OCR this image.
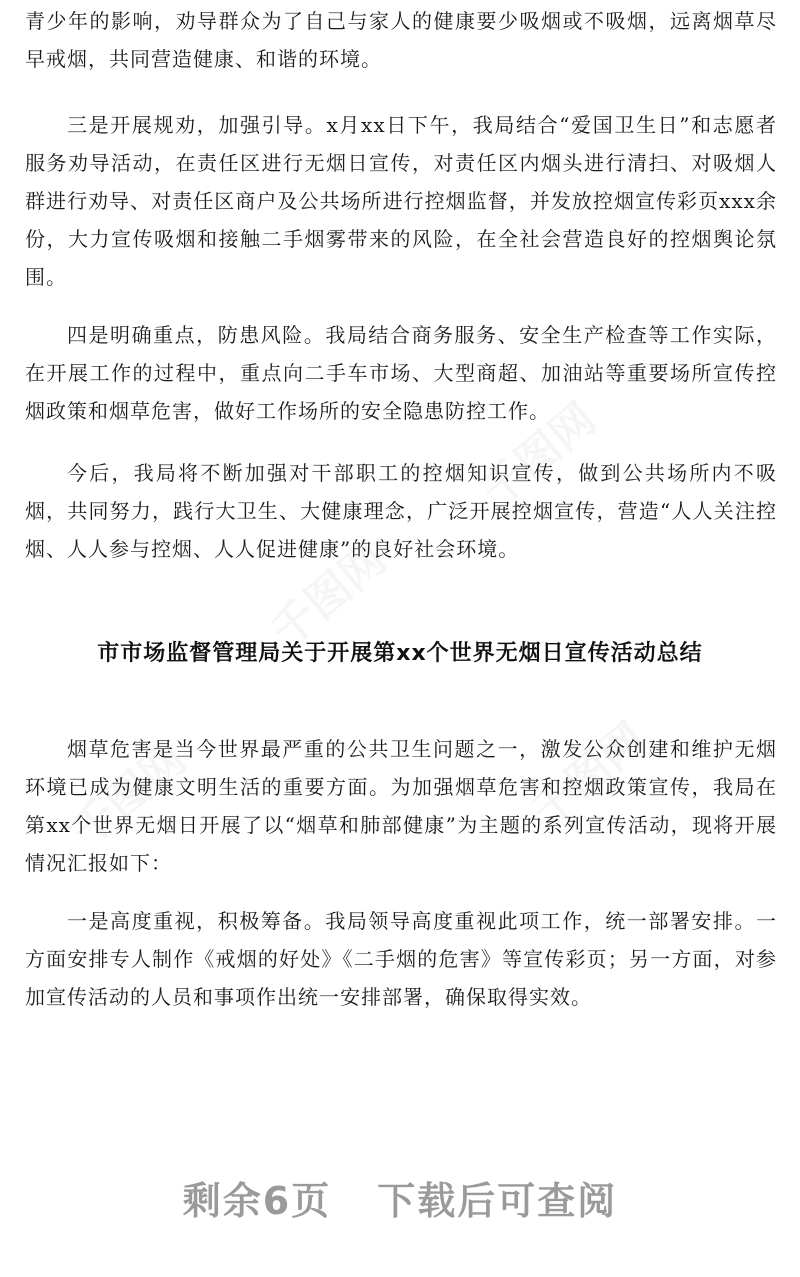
千图网
千图网
千图网	千图网

青少年的影响，劝导群众为了自己与家人的健康要少吸烟或不吸烟，远离烟草尽早戒烟，共同营造健康、和谐的环境。

三是开展规劝，加强引导。x月xx日下午，我局结合“爱国卫生日”和志愿者服务劝导活动，在责任区进行无烟日宣传，对责任区内烟头进行清扫、对吸烟人群进行劝导、对责任区商户及公共场所进行控烟监督，并发放控烟宣传彩页xxx余份，大力宣传吸烟和接触二手烟雾带来的风险，在全社会营造良好的控烟舆论氛围。

四是明确重点，防患风险。我局结合商务服务、安全生产检查等工作实际，在开展工作的过程中，重点向二手车市场、大型商超、加油站等重要场所宣传控烟政策和烟草危害，做好工作场所的安全隐患防控工作。

今后，我局将不断加强对干部职工的控烟知识宣传，做到公共场所内不吸烟，共同努力，践行大卫生、大健康理念，广泛开展控烟宣传，营造“人人关注控烟、人人参与控烟、人人促进健康”的良好社会环境。

市市场监督管理局关于开展第xx个世界无烟日宣传活动总结

烟草危害是当今世界最严重的公共卫生问题之一，激发公众创建和维护无烟环境已成为健康文明生活的重要方面。为加强烟草危害和控烟政策宣传，我局在第xx个世界无烟日开展了以“烟草和肺部健康”为主题的系列宣传活动，现将开展情况汇报如下：

一是高度重视，积极筹备。我局领导高度重视此项工作，统一部署安排。一方面安排专人制作《戒烟的好处》《二手烟的危害》等宣传彩页；另一方面，对参加宣传活动的人员和事项作出统一安排部署，确保取得实效。

剩余6页 下载后可查阅
